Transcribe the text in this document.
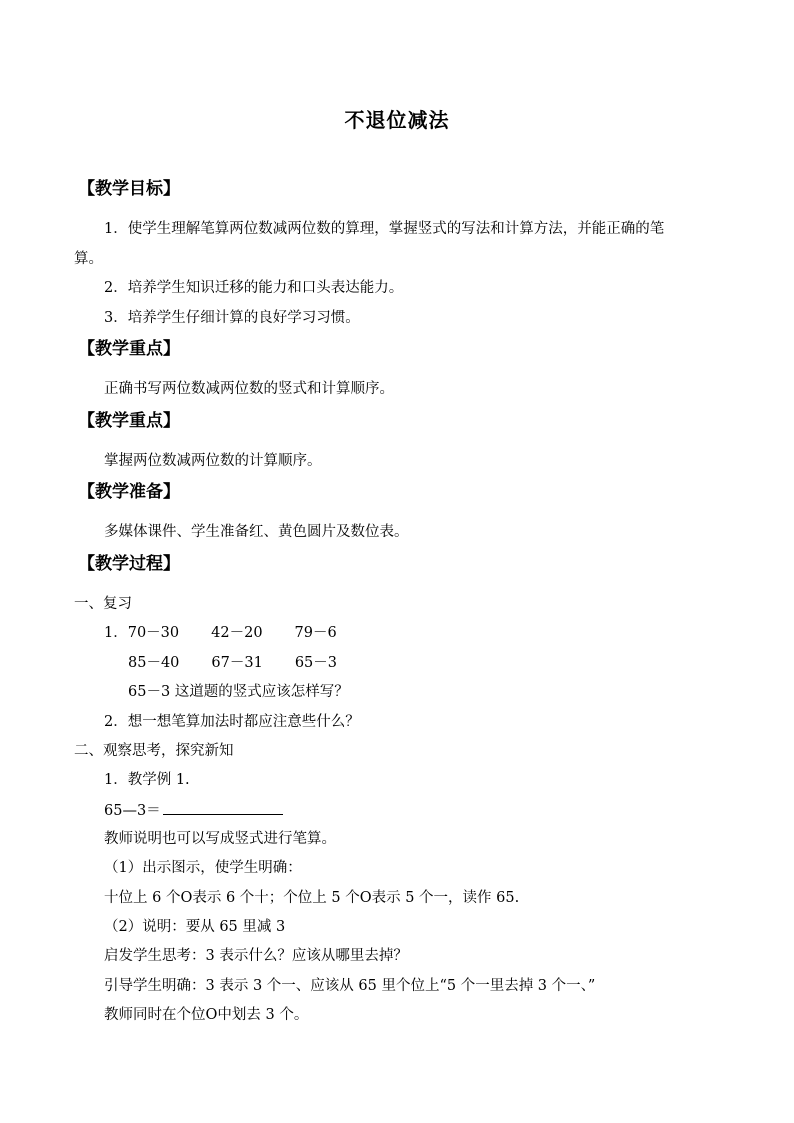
不退位减法
【教学目标】
1．使学生理解笔算两位数减两位数的算理，掌握竖式的写法和计算方法，并能正确的笔
算。
2．培养学生知识迁移的能力和口头表达能力。
3．培养学生仔细计算的良好学习习惯。
【教学重点】
正确书写两位数减两位数的竖式和计算顺序。
【教学重点】
掌握两位数减两位数的计算顺序。
【教学准备】
多媒体课件、学生准备红、黄色圆片及数位表。
【教学过程】
一、复习
1．70－30 42－20 79－6
85－40 67－31 65－3
65－3 这道题的竖式应该怎样写？
2．想一想笔算加法时都应注意些什么？
二、观察思考，探究新知
1．教学例 1.
65—3＝
教师说明也可以写成竖式进行笔算。
（1）出示图示，使学生明确：
十位上 6 个O表示 6 个十；个位上 5 个O表示 5 个一，读作 65.
（2）说明：要从 65 里减 3
启发学生思考：3 表示什么？应该从哪里去掉？
引导学生明确：3 表示 3 个一、应该从 65 里个位上“5 个一里去掉 3 个一、”
教师同时在个位O中划去 3 个。
